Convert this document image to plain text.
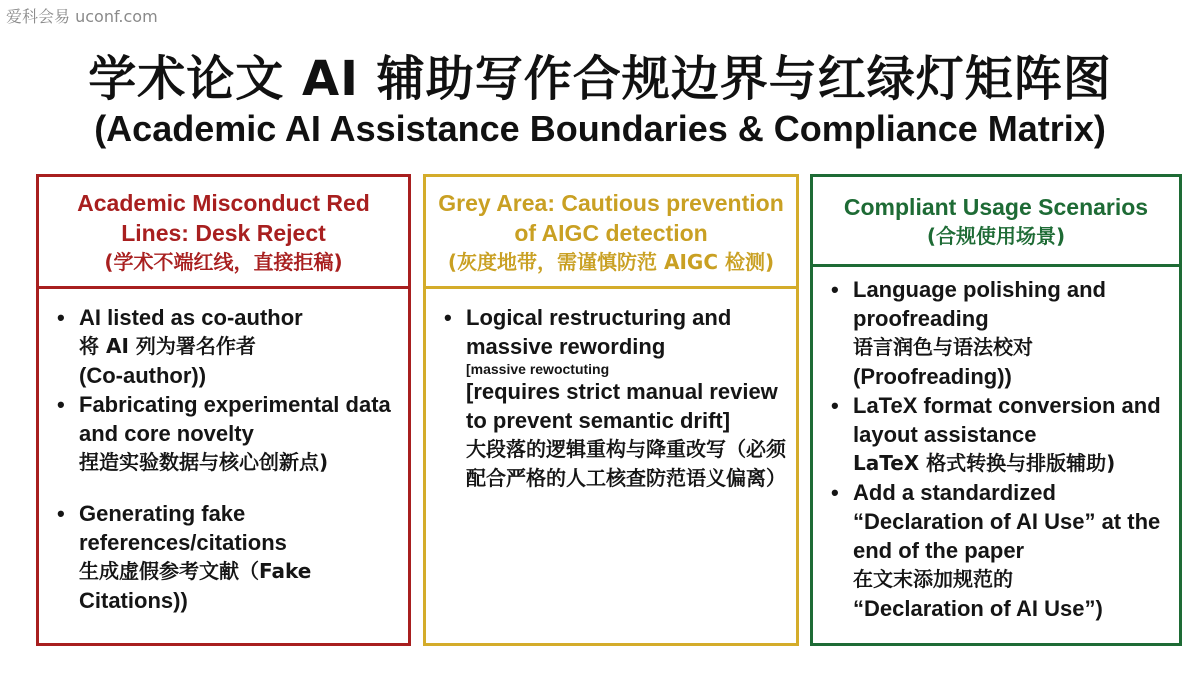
爱科会易 uconf.com
学术论文 AI 辅助写作合规边界与红绿灯矩阵图
(Academic AI Assistance Boundaries & Compliance Matrix)
Academic Misconduct Red Lines: Desk Reject
(学术不端红线，直接拒稿)
• AI listed as co-author
将 AI 列为署名作者
(Co-author))
• Fabricating experimental data and core novelty
捏造实验数据与核心创新点)
• Generating fake references/citations
生成虚假参考文献（Fake
Citations))
Grey Area: Cautious prevention of AIGC detection
(灰度地带，需谨慎防范 AIGC 检测)
• Logical restructuring and massive rewording
[massive rewoctuting
[requires strict manual review to prevent semantic drift]
大段落的逻辑重构与降重改写（必须配合严格的人工核查防范语义偏离）
Compliant Usage Scenarios
(合规使用场景)
• Language polishing and proofreading
语言润色与语法校对
(Proofreading))
• LaTeX format conversion and layout assistance
LaTeX 格式转换与排版辅助)
• Add a standardized “Declaration of AI Use” at the end of the paper
在文末添加规范的
“Declaration of AI Use”)
